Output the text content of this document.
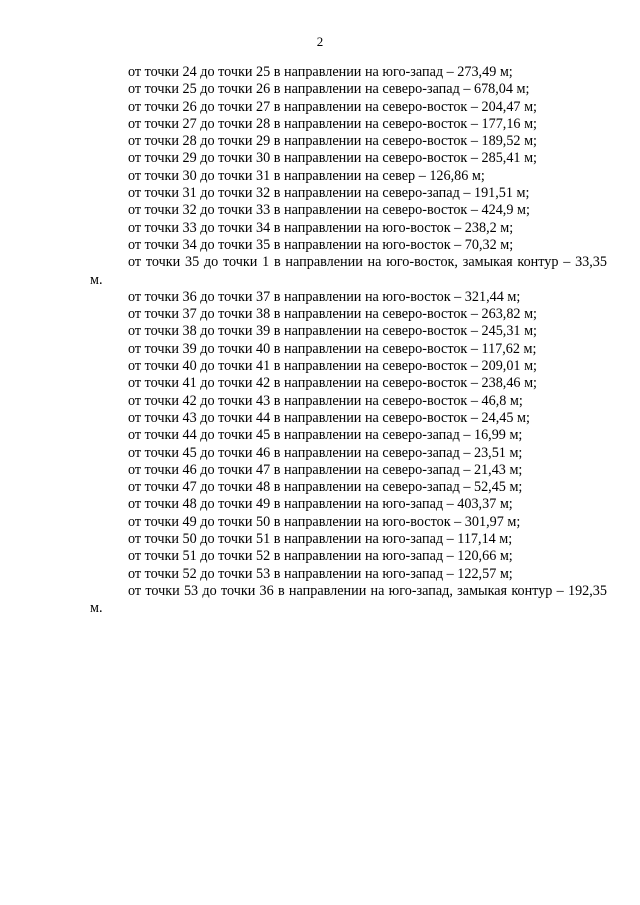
2
от точки 24 до точки 25 в направлении на юго-запад – 273,49 м;
от точки 25 до точки 26 в направлении на северо-запад – 678,04 м;
от точки 26 до точки 27 в направлении на северо-восток – 204,47 м;
от точки 27 до точки 28 в направлении на северо-восток – 177,16 м;
от точки 28 до точки 29 в направлении на северо-восток – 189,52 м;
от точки 29 до точки 30 в направлении на северо-восток – 285,41 м;
от точки 30 до точки 31 в направлении на север – 126,86 м;
от точки 31 до точки 32 в направлении на северо-запад – 191,51 м;
от точки 32 до точки 33 в направлении на северо-восток – 424,9 м;
от точки 33 до точки 34 в направлении на юго-восток – 238,2 м;
от точки 34 до точки 35 в направлении на юго-восток – 70,32 м;
от точки 35 до точки 1 в направлении на юго-восток, замыкая контур – 33,35 м.
от точки 36 до точки 37 в направлении на юго-восток – 321,44 м;
от точки 37 до точки 38 в направлении на северо-восток – 263,82 м;
от точки 38 до точки 39 в направлении на северо-восток – 245,31 м;
от точки 39 до точки 40 в направлении на северо-восток – 117,62 м;
от точки 40 до точки 41 в направлении на северо-восток – 209,01 м;
от точки 41 до точки 42 в направлении на северо-восток – 238,46 м;
от точки 42 до точки 43 в направлении на северо-восток – 46,8 м;
от точки 43 до точки 44 в направлении на северо-восток – 24,45 м;
от точки 44 до точки 45 в направлении на северо-запад – 16,99 м;
от точки 45 до точки 46 в направлении на северо-запад – 23,51 м;
от точки 46 до точки 47 в направлении на северо-запад – 21,43 м;
от точки 47 до точки 48 в направлении на северо-запад – 52,45 м;
от точки 48 до точки 49 в направлении на юго-запад – 403,37 м;
от точки 49 до точки 50 в направлении на юго-восток – 301,97 м;
от точки 50 до точки 51 в направлении на юго-запад – 117,14 м;
от точки 51 до точки 52 в направлении на юго-запад – 120,66 м;
от точки 52 до точки 53 в направлении на юго-запад – 122,57 м;
от точки 53 до точки 36 в направлении на юго-запад, замыкая контур – 192,35 м.
